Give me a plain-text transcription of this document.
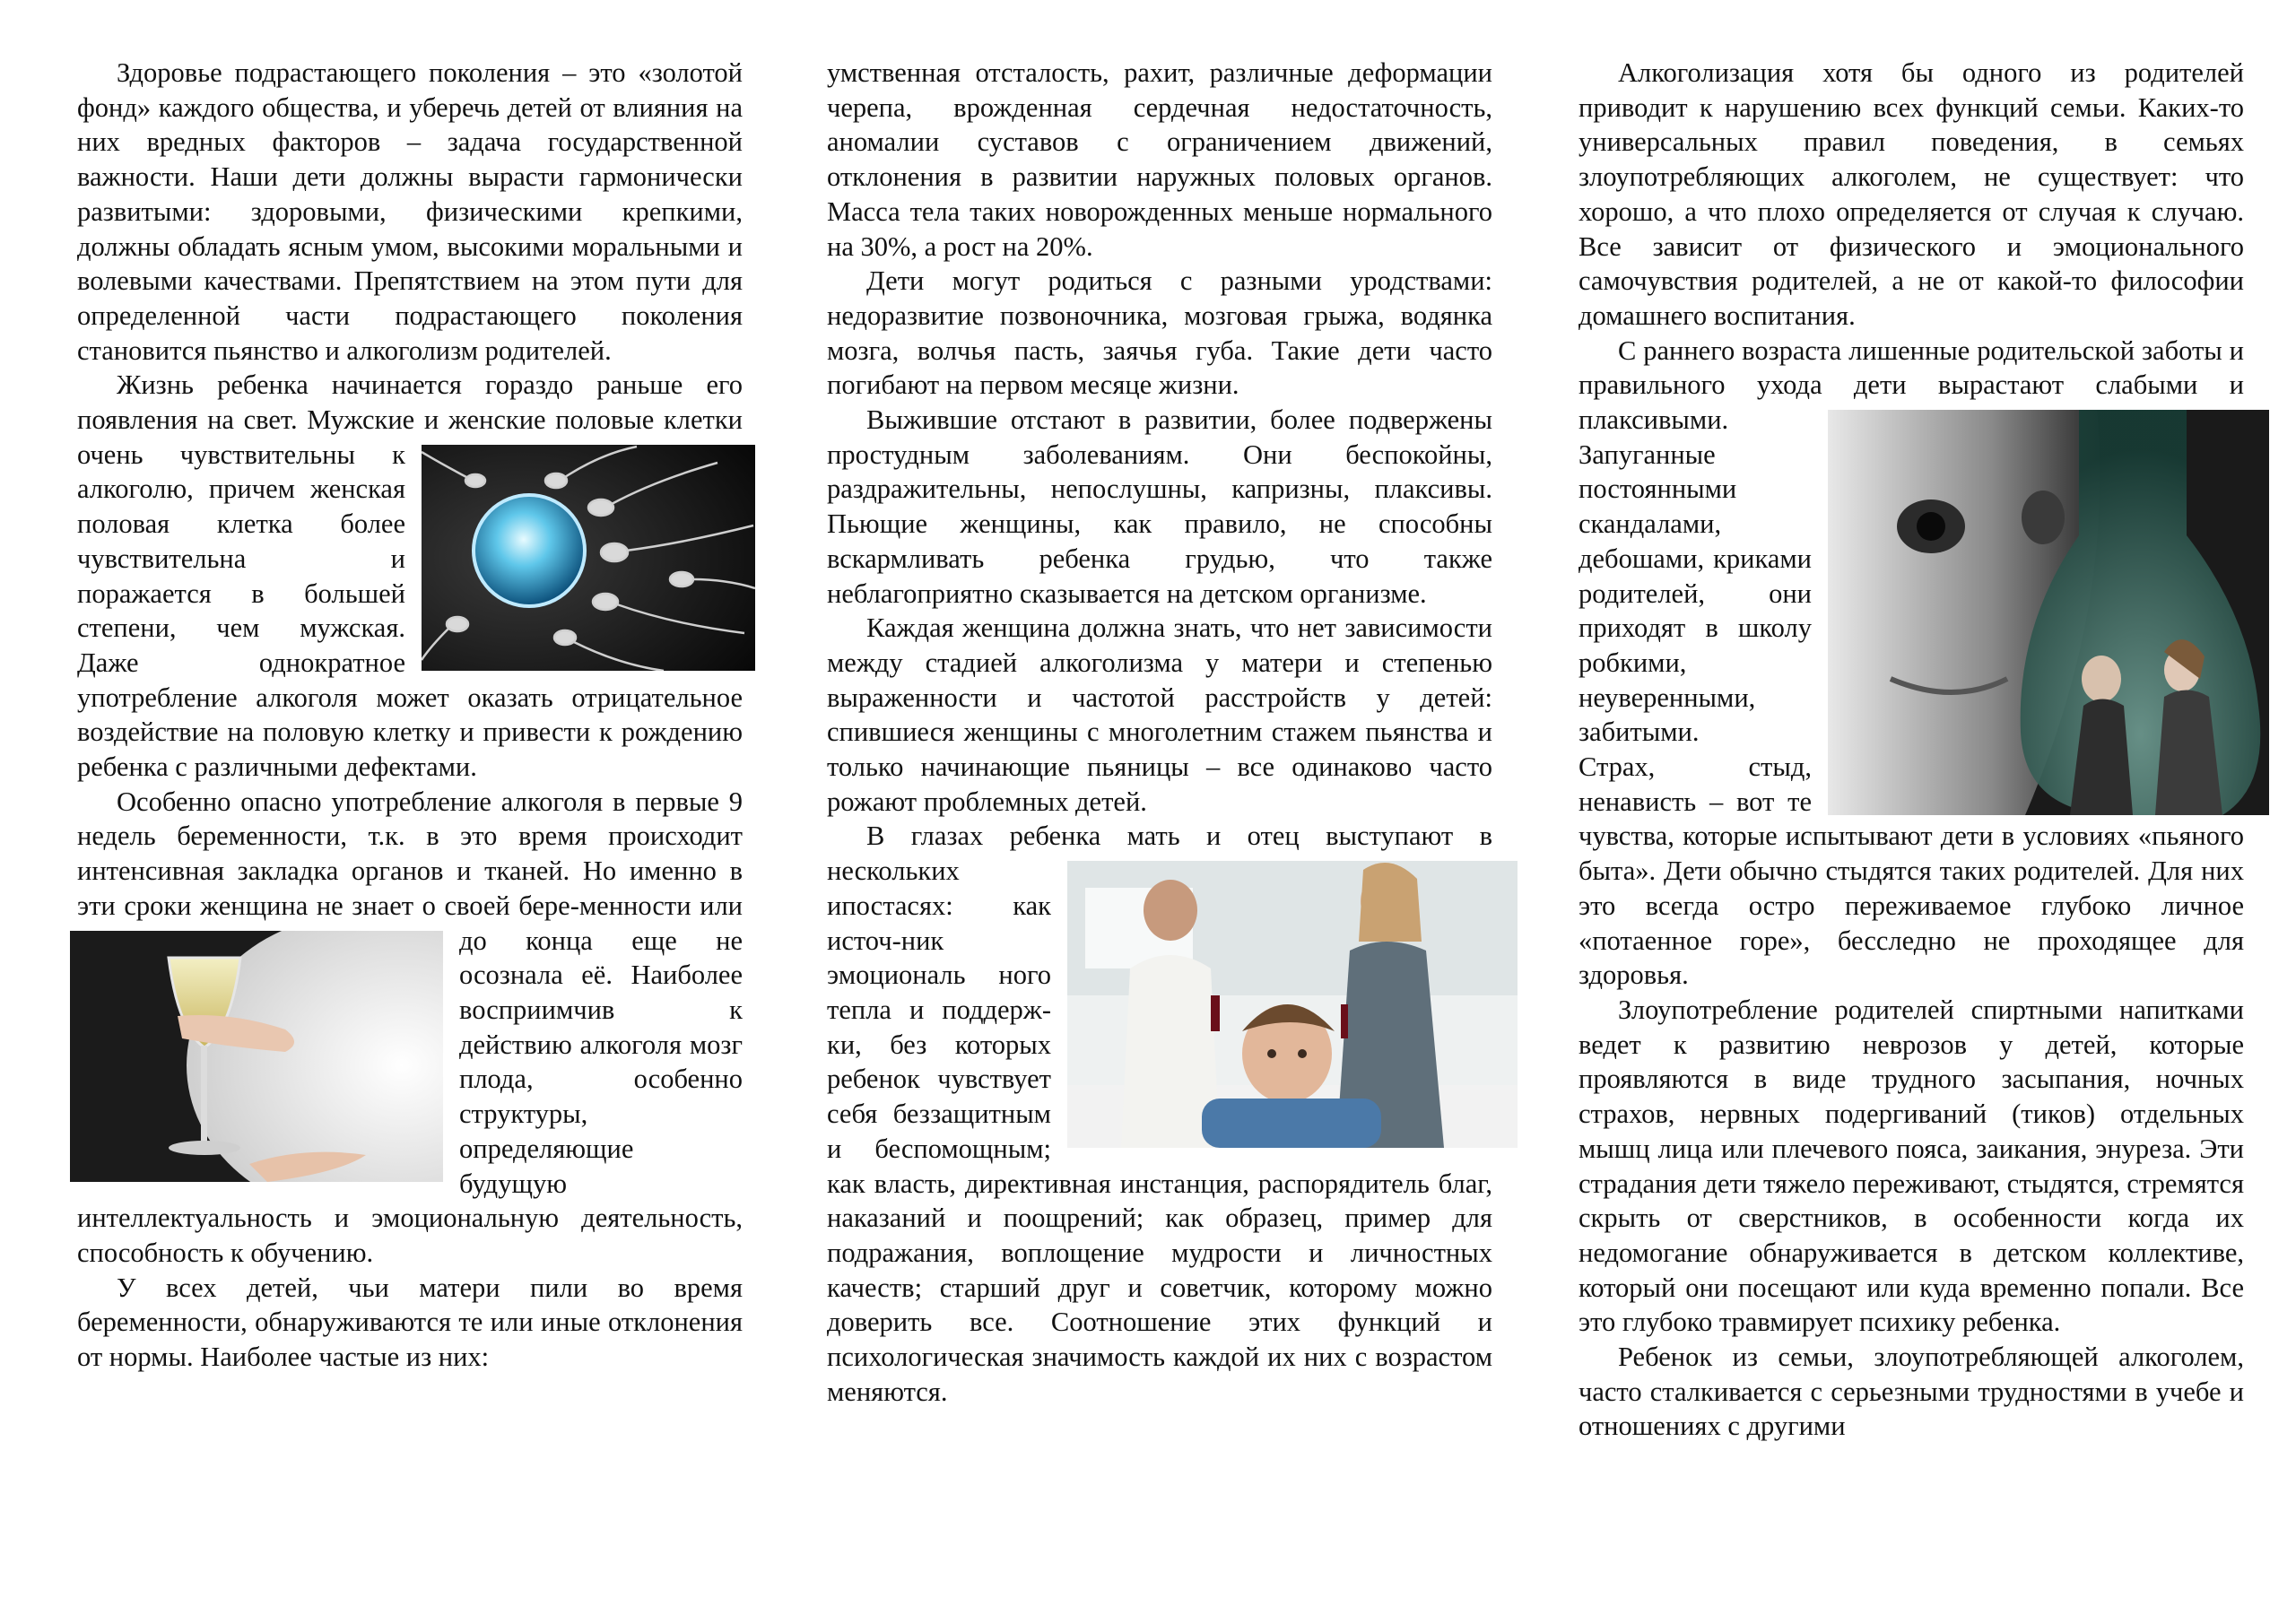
Здоровье подрастающего поколения – это «золотой фонд» каждого общества, и уберечь детей от влияния на них вредных факторов – задача государственной важности. Наши дети должны вырасти гармонически развитыми: здоровыми, физическими крепкими, должны обладать ясным умом, высокими моральными и волевыми качествами. Препятствием на этом пути для определенной части подрастающего поколения становится пьянство и алкоголизм родителей.

Жизнь ребенка начинается гораздо раньше его появления на свет. Мужские и женские половые
клетки очень чувствительны к алкоголю, причем женская половая клетка более чувствительна и поражается в большей степени, чем мужская. Даже однократное употребление алкоголя может оказать отрицательное воздействие на половую клетку и привести к рождению ребенка с различными дефектами.

Особенно опасно употребление алкоголя в первые 9 недель беременности, т.к. в это время происходит интенсивная закладка органов и тканей. Но именно в эти сроки женщина не знает о
своей бере-менности или до конца еще не осознала её. Наиболее восприимчив к действию алкоголя мозг плода, особенно структуры, определяющие будущую интеллектуальность и эмоциональную деятельность, способность к обучению.

У всех детей, чьи матери пили во время беременности, обнаруживаются те или иные отклонения от нормы. Наиболее частые из них:

умственная отсталость, рахит, различные деформации черепа, врожденная сердечная недостаточность, аномалии суставов с ограничением движений, отклонения в развитии наружных половых органов. Масса тела таких новорожденных меньше нормального на 30%, а рост на 20%.

Дети могут родиться с разными уродствами: недоразвитие позвоночника, мозговая грыжа, водянка мозга, волчья пасть, заячья губа. Такие дети часто погибают на первом месяце жизни.

Выжившие отстают в развитии, более подвержены простудным заболеваниям. Они беспокойны, раздражительны, непослушны, капризны, плаксивы. Пьющие женщины, как правило, не способны вскармливать ребенка грудью, что также неблагоприятно сказывается на детском организме.

Каждая женщина должна знать, что нет зависимости между стадией алкоголизма у матери и степенью выраженности и частотой расстройств у детей: спившиеся женщины с многолетним стажем пьянства и только начинающие пьяницы – все одинаково часто рожают проблемных детей.

В глазах ребенка мать и отец выступают в
нескольких ипостасях: как источ-ник эмоциональ ного тепла и поддерж-ки, без которых ребенок чувствует себя беззащитным и беспомощным; как власть, директивная инстанция, распорядитель благ, наказаний и поощрений; как образец, пример для подражания, воплощение мудрости и личностных качеств; старший друг и советчик, которому можно доверить все. Соотношение этих функций и психологическая значимость каждой их них с возрастом меняются.

Алкоголизация хотя бы одного из родителей приводит к нарушению всех функций семьи. Каких-то универсальных правил поведения, в семьях злоупотребляющих алкоголем, не существует: что хорошо, а что плохо определяется от случая к случаю. Все зависит от физического и эмоционального самочувствия родителей, а не от какой-то философии домашнего воспитания.

С раннего возраста лишенные родительской заботы и правильного ухода дети вырастают
слабыми и плаксивыми. Запуганные постоянными скандалами, дебошами, криками родителей, они приходят в школу робкими, неуверенными, забитыми.

Страх, стыд, ненависть – вот те чувства, которые испытывают дети в условиях «пьяного быта». Дети обычно стыдятся таких родителей. Для них это всегда остро переживаемое глубоко личное «потаенное горе», бесследно не проходящее для здоровья.

Злоупотребление родителей спиртными напитками ведет к развитию неврозов у детей, которые проявляются в виде трудного засыпания, ночных страхов, нервных подергиваний (тиков) отдельных мышц лица или плечевого пояса, заикания, энуреза. Эти страдания дети тяжело переживают, стыдятся, стремятся скрыть от сверстников, в особенности когда их недомогание обнаруживается в детском коллективе, который они посещают или куда временно попали. Все это глубоко травмирует психику ребенка.

Ребенок из семьи, злоупотребляющей алкоголем, часто сталкивается с серьезными трудностями в учебе и отношениях с другими
